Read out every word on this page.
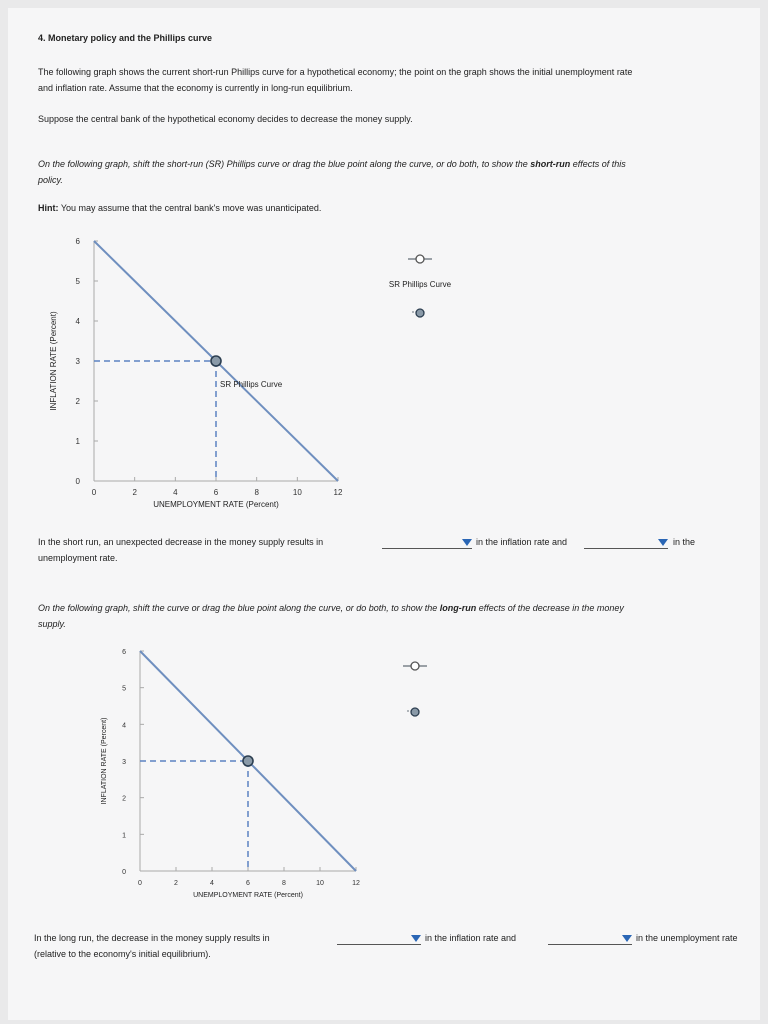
4. Monetary policy and the Phillips curve
The following graph shows the current short-run Phillips curve for a hypothetical economy; the point on the graph shows the initial unemployment rate
and inflation rate. Assume that the economy is currently in long-run equilibrium.
Suppose the central bank of the hypothetical economy decides to decrease the money supply.
On the following graph, shift the short-run (SR) Phillips curve or drag the blue point along the curve, or do both, to show the short-run effects of this
policy.
Hint: You may assume that the central bank's move was unanticipated.
0
1
2
3
4
5
6
0	2	4	6	8	10	12
UNEMPLOYMENT RATE (Percent)
INFLATION RATE (Percent)	SR Phillips Curve
SR Phillips Curve
In the short run, an unexpected decrease in the money supply results in	in the inflation rate and	in the
unemployment rate.
On the following graph, shift the curve or drag the blue point along the curve, or do both, to show the long-run effects of the decrease in the money
supply.
0
1
2
3
4
5
6
0	2	4	6	8	10	12
UNEMPLOYMENT RATE (Percent)
INFLATION RATE (Percent)
In the long run, the decrease in the money supply results in	in the inflation rate and	in the unemployment rate
(relative to the economy's initial equilibrium).
